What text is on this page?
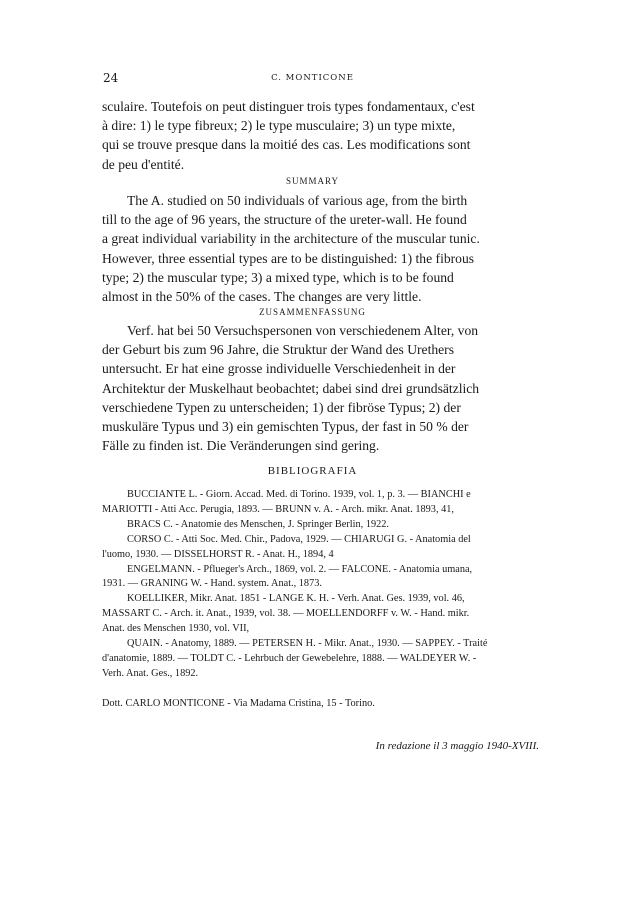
24	C. MONTICONE
sculaire. Toutefois on peut distinguer trois types fondamentaux, c'est
à dire: 1) le type fibreux; 2) le type musculaire; 3) un type mixte,
qui se trouve presque dans la moitié des cas. Les modifications sont
de peu d'entité.
SUMMARY
The A. studied on 50 individuals of various age, from the birth
till to the age of 96 years, the structure of the ureter-wall. He found
a great individual variability in the architecture of the muscular tunic.
However, three essential types are to be distinguished: 1) the fibrous
type; 2) the muscular type; 3) a mixed type, which is to be found
almost in the 50% of the cases. The changes are very little.
ZUSAMMENFASSUNG
Verf. hat bei 50 Versuchspersonen von verschiedenem Alter, von
der Geburt bis zum 96 Jahre, die Struktur der Wand des Urethers
untersucht. Er hat eine grosse individuelle Verschiedenheit in der
Architektur der Muskelhaut beobachtet; dabei sind drei grundsätzlich
verschiedene Typen zu unterscheiden; 1) der fibröse Typus; 2) der
muskuläre Typus und 3) ein gemischten Typus, der fast in 50 % der
Fälle zu finden ist. Die Veränderungen sind gering.
BIBLIOGRAFIA
BUCCIANTE L. - Giorn. Accad. Med. di Torino. 1939, vol. 1, p. 3. — BIANCHI e
MARIOTTI - Atti Acc. Perugia, 1893. — BRUNN v. A. - Arch. mikr. Anat. 1893, 41,
BRACS C. - Anatomie des Menschen, J. Springer Berlin, 1922.
CORSO C. - Atti Soc. Med. Chir., Padova, 1929. — CHIARUGI G. - Anatomia del
l'uomo, 1930. — DISSELHORST R. - Anat. H., 1894, 4
ENGELMANN. - Pflueger's Arch., 1869, vol. 2. — FALCONE. - Anatomia umana,
1931. — GRANING W. - Hand. system. Anat., 1873.
KOELLIKER, Mikr. Anat. 1851 - LANGE K. H. - Verh. Anat. Ges. 1939, vol. 46,
MASSART C. - Arch. it. Anat., 1939, vol. 38. — MOELLENDORFF v. W. - Hand. mikr.
Anat. des Menschen 1930, vol. VII,
QUAIN. - Anatomy, 1889. — PETERSEN H. - Mikr. Anat., 1930. — SAPPEY. - Traité
d'anatomie, 1889. — TOLDT C. - Lehrbuch der Gewebelehre, 1888. — WALDEYER W. -
Verh. Anat. Ges., 1892.
Dott. CARLO MONTICONE - Via Madama Cristina, 15 - Torino.
In redazione il 3 maggio 1940-XVIII.
